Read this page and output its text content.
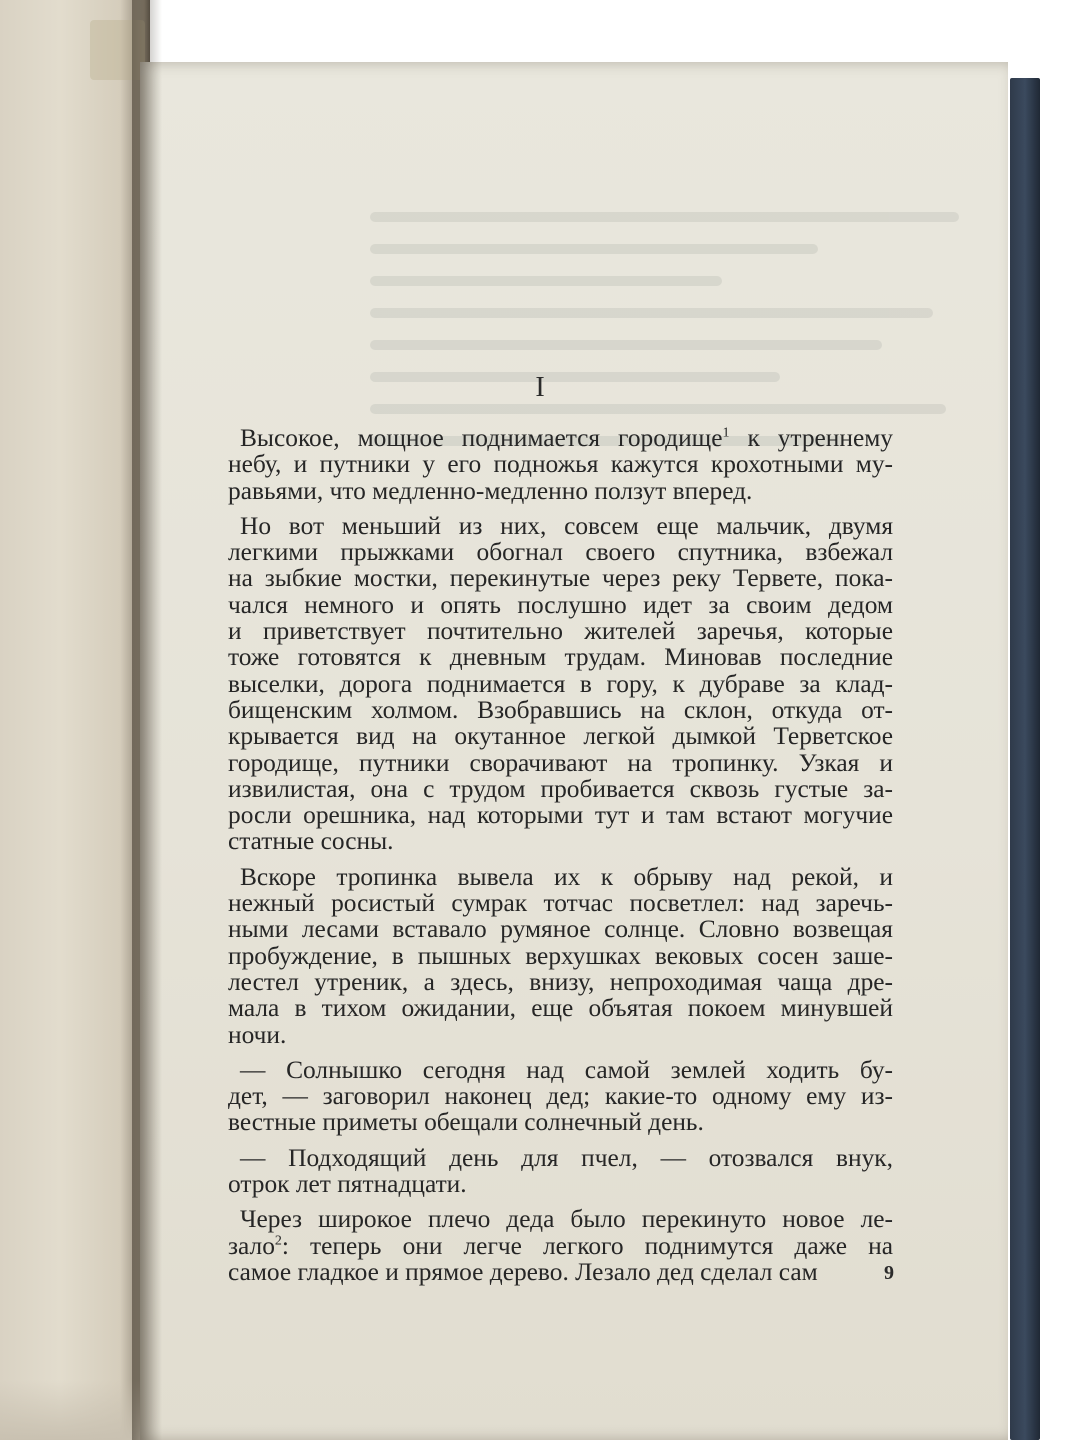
I
Высокое, мощное поднимается городище$^1$ к утреннему
небу, и путники у его подножья кажутся крохотными му-
равьями, что медленно-медленно ползут вперед.
Но вот меньший из них, совсем еще мальчик, двумя
легкими прыжками обогнал своего спутника, взбежал
на зыбкие мостки, перекинутые через реку Тервете, пока-
чался немного и опять послушно идет за своим дедом
и приветствует почтительно жителей заречья, которые
тоже готовятся к дневным трудам. Миновав последние
выселки, дорога поднимается в гору, к дубраве за клад-
бищенским холмом. Взобравшись на склон, откуда от-
крывается вид на окутанное легкой дымкой Терветское
городище, путники сворачивают на тропинку. Узкая и
извилистая, она с трудом пробивается сквозь густые за-
росли орешника, над которыми тут и там встают могучие
статные сосны.
Вскоре тропинка вывела их к обрыву над рекой, и
нежный росистый сумрак тотчас посветлел: над заречь-
ными лесами вставало румяное солнце. Словно возвещая
пробуждение, в пышных верхушках вековых сосен заше-
лестел утреник, а здесь, внизу, непроходимая чаща дре-
мала в тихом ожидании, еще объятая покоем минувшей
ночи.
— Солнышко сегодня над самой землей ходить бу-
дет, — заговорил наконец дед; какие-то одному ему из-
вестные приметы обещали солнечный день.
— Подходящий день для пчел, — отозвался внук,
отрок лет пятнадцати.
Через широкое плечо деда было перекинуто новое ле-
зало$^2$: теперь они легче легкого поднимутся даже на
самое гладкое и прямое дерево. Лезало дед сделал сам	9
